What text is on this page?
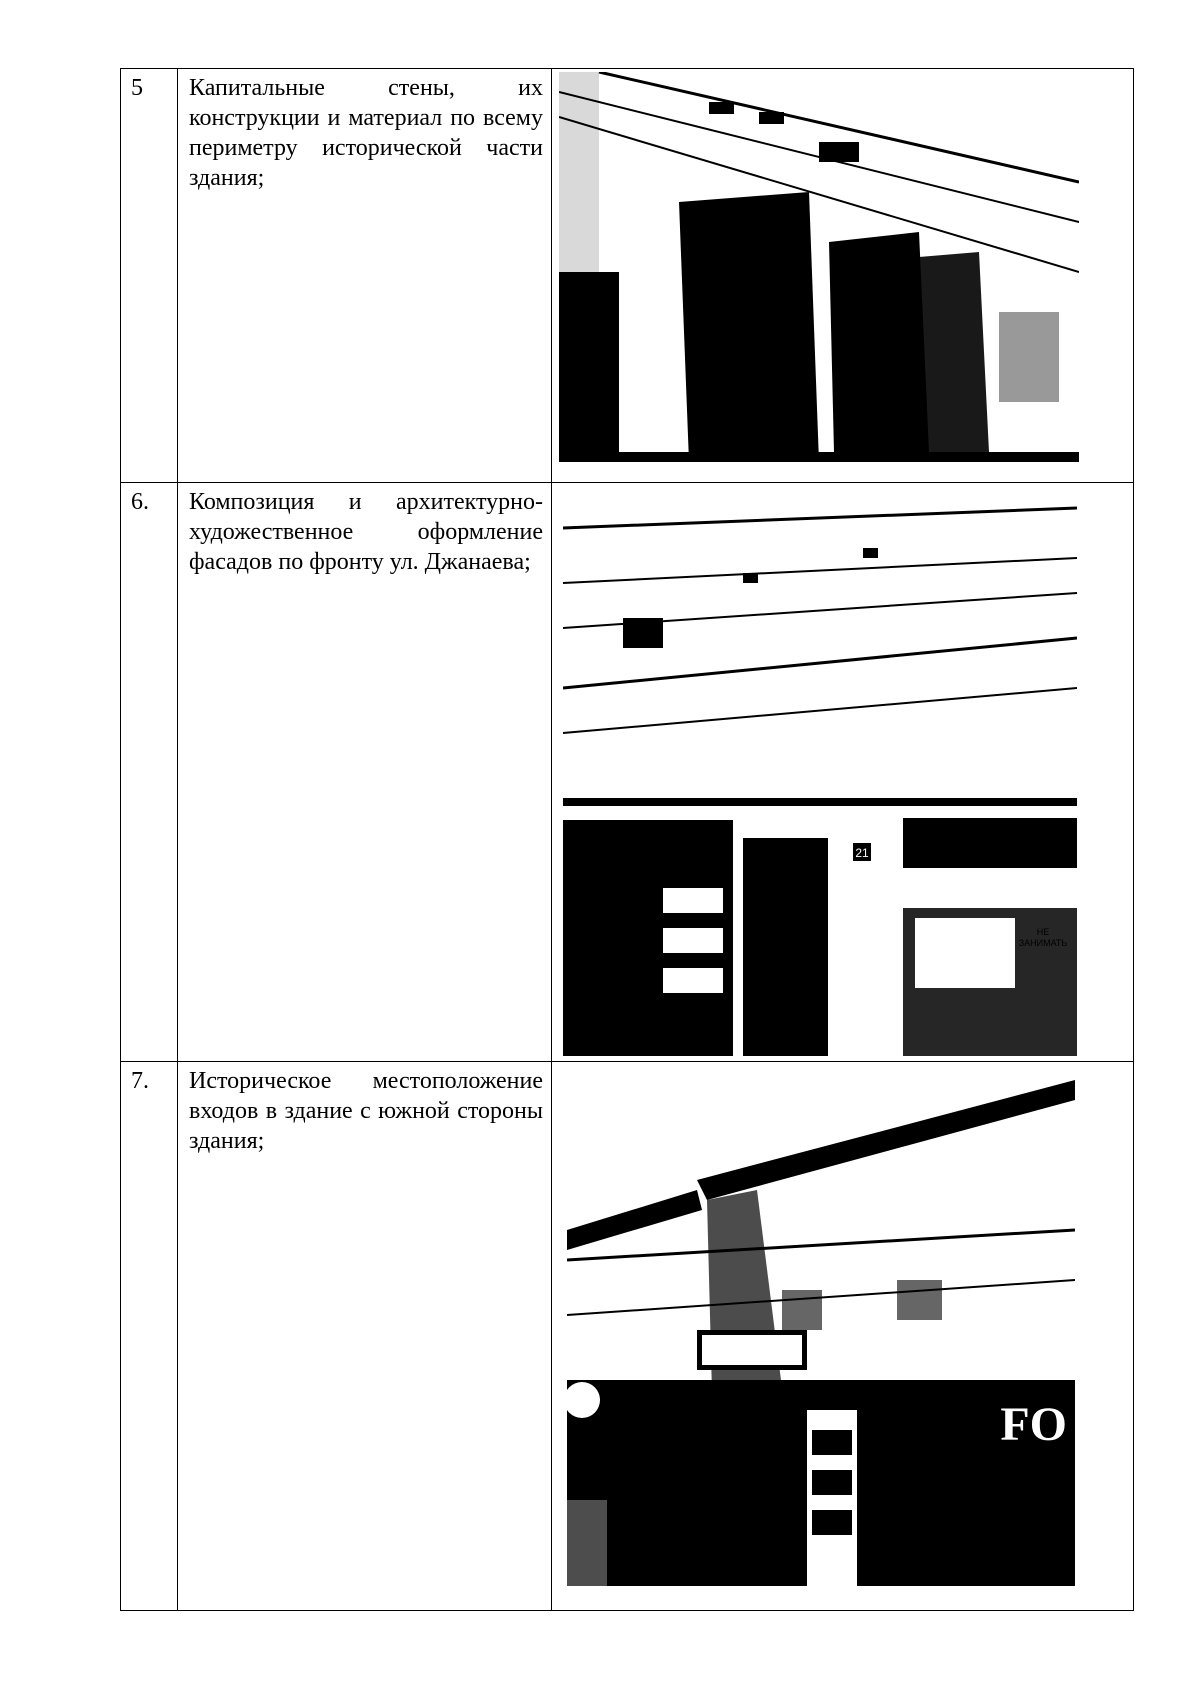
5 Капитальные стены, их конструкции и материал по всему периметру исторической части здания;
6. Композиция и архитектурно-художественное оформление фасадов по фронту ул. Джанаева;
21
НЕ
ЗАНИМАТЬ
7. Историческое местоположение входов в здание с южной стороны здания;
FO
